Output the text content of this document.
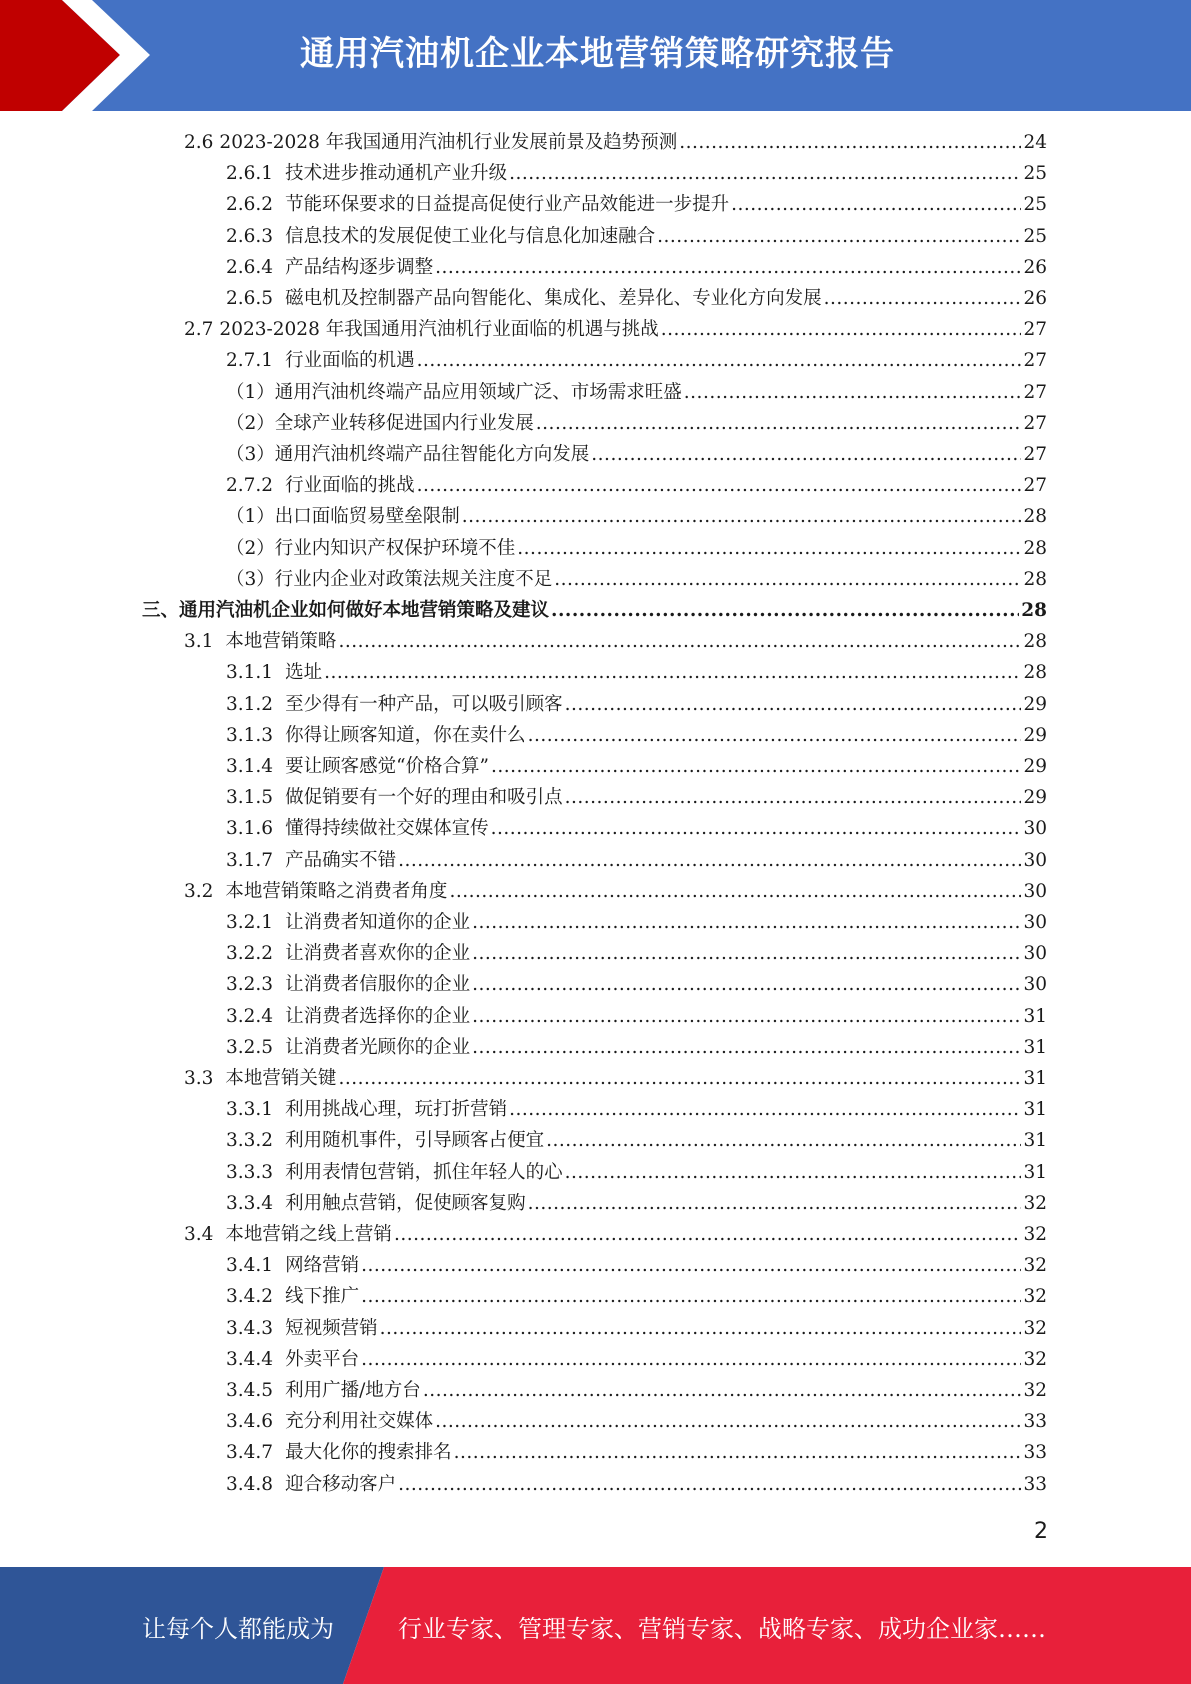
通用汽油机企业本地营销策略研究报告
2.6 2023-2028 年我国通用汽油机行业发展前景及趋势预测 .....	24
2.6.1 技术进步推动通机产业升级 .....	25
2.6.2 节能环保要求的日益提高促使行业产品效能进一步提升 .....	25
2.6.3 信息技术的发展促使工业化与信息化加速融合 .....	25
2.6.4 产品结构逐步调整 .....	26
2.6.5 磁电机及控制器产品向智能化、集成化、差异化、专业化方向发展 .....	26
2.7 2023-2028 年我国通用汽油机行业面临的机遇与挑战 .....	27
2.7.1 行业面临的机遇 .....	27
（1） 通用汽油机终端产品应用领域广泛、市场需求旺盛 .....	27
（2） 全球产业转移促进国内行业发展 .....	27
（3） 通用汽油机终端产品往智能化方向发展 .....	27
2.7.2 行业面临的挑战 .....	27
（1） 出口面临贸易壁垒限制 .....	28
（2） 行业内知识产权保护环境不佳 .....	28
（3） 行业内企业对政策法规关注度不足 .....	28
三、 通用汽油机企业如何做好本地营销策略及建议 .....	28
3.1 本地营销策略 .....	28
3.1.1 选址 .....	28
3.1.2 至少得有一种产品，可以吸引顾客 .....	29
3.1.3 你得让顾客知道，你在卖什么 .....	29
3.1.4 要让顾客感觉“价格合算” .....	29
3.1.5 做促销要有一个好的理由和吸引点 .....	29
3.1.6 懂得持续做社交媒体宣传 .....	30
3.1.7 产品确实不错 .....	30
3.2 本地营销策略之消费者角度 .....	30
3.2.1 让消费者知道你的企业 .....	30
3.2.2 让消费者喜欢你的企业 .....	30
3.2.3 让消费者信服你的企业 .....	30
3.2.4 让消费者选择你的企业 .....	31
3.2.5 让消费者光顾你的企业 .....	31
3.3 本地营销关键 .....	31
3.3.1 利用挑战心理，玩打折营销 .....	31
3.3.2 利用随机事件，引导顾客占便宜 .....	31
3.3.3 利用表情包营销，抓住年轻人的心 .....	31
3.3.4 利用触点营销，促使顾客复购 .....	32
3.4 本地营销之线上营销 .....	32
3.4.1 网络营销 .....	32
3.4.2 线下推广 .....	32
3.4.3 短视频营销 .....	32
3.4.4 外卖平台 .....	32
3.4.5 利用广播/地方台 .....	32
3.4.6 充分利用社交媒体 .....	33
3.4.7 最大化你的搜索排名 .....	33
3.4.8 迎合移动客户 .....	33
2
让每个人都能成为	行业专家、管理专家、营销专家、战略专家、成功企业家……
